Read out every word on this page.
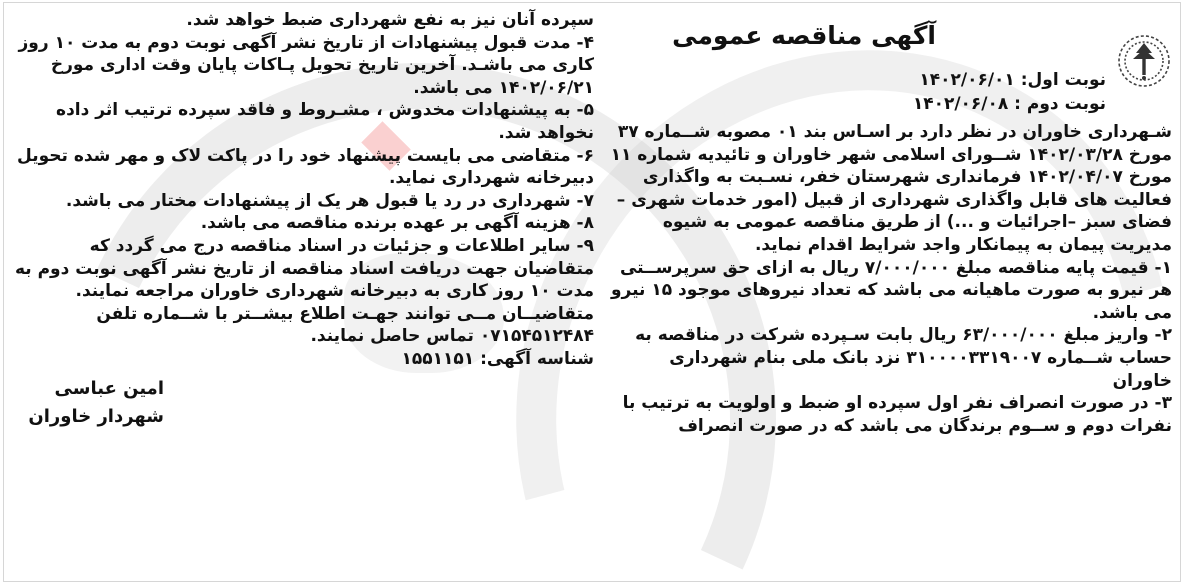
آگهی مناقصه عمومی
نوبت اول: ۱۴۰۲/۰۶/۰۱
نوبت دوم : ۱۴۰۲/۰۶/۰۸

شـهرداری خاوران در نظر دارد بر اسـاس بند ۰۱ مصوبه شــماره ۳۷ مورخ ۱۴۰۲/۰۳/۲۸ شــورای اسلامی شهر خاوران و تائیدیه شماره ۱۱ مورخ ۱۴۰۲/۰۴/۰۷ فرمانداری شهرستان خفر، نسـبت به واگذاری فعالیت های قابل واگذاری شهرداری از قبیل (امور خدمات شهری – فضای سبز –اجرائیات و ...) از طریق مناقصه عمومی به شیوه مدیریت پیمان به پیمانکار واجد شرایط اقدام نماید.

۱- قیمت پایه مناقصه مبلغ ۷/۰۰۰/۰۰۰ ریال به ازای حق سرپرســتی هر نیرو به صورت ماهیانه می باشد که تعداد نیروهای موجود ۱۵ نیرو می باشد.

۲- واریز مبلغ ۶۳/۰۰۰/۰۰۰ ریال بابت سـپرده شرکت در مناقصه به حساب شــماره ۳۱۰۰۰۰۳۳۱۹۰۰۷ نزد بانک ملی بنام شهرداری خاوران

۳- در صورت انصراف نفر اول سپرده او ضبط و اولویت به ترتیب با نفرات دوم و ســوم برندگان می باشد که در صورت انصراف

سپرده آنان نیز به نفع شهرداری ضبط خواهد شد.

۴- مدت قبول پیشنهادات از تاریخ نشر آگهی نوبت دوم به مدت ۱۰ روز کاری می باشـد. آخرین تاریخ تحویل پـاکات پایان وقت اداری مورخ ۱۴۰۲/۰۶/۲۱ می باشد.

۵- به پیشنهادات مخدوش ، مشـروط و فاقد سپرده ترتیب اثر داده نخواهد شد.

۶- متقاضی می بایست پیشنهاد خود را در پاکت لاک و مهر شده تحویل دبیرخانه شهرداری نماید.

۷- شهرداری در رد یا قبول هر یک از پیشنهادات مختار می باشد.

۸- هزینه آگهی بر عهده برنده مناقصه می باشد.

۹- سایر اطلاعات و جزئیات در اسناد مناقصه درج می گردد که متقاضیان جهت دریافت اسناد مناقصه از تاریخ نشر آگهی نوبت دوم به مدت ۱۰ روز کاری به دبیرخانه شهرداری خاوران مراجعه نمایند.

متقاضیــان مــی توانند جهـت اطلاع بیشــتر با شــماره تلفن ۰۷۱۵۴۵۱۲۴۸۴ تماس حاصل نمایند.

شناسه آگهی: ۱۵۵۱۱۵۱

امین عباسی
شهردار خاوران
